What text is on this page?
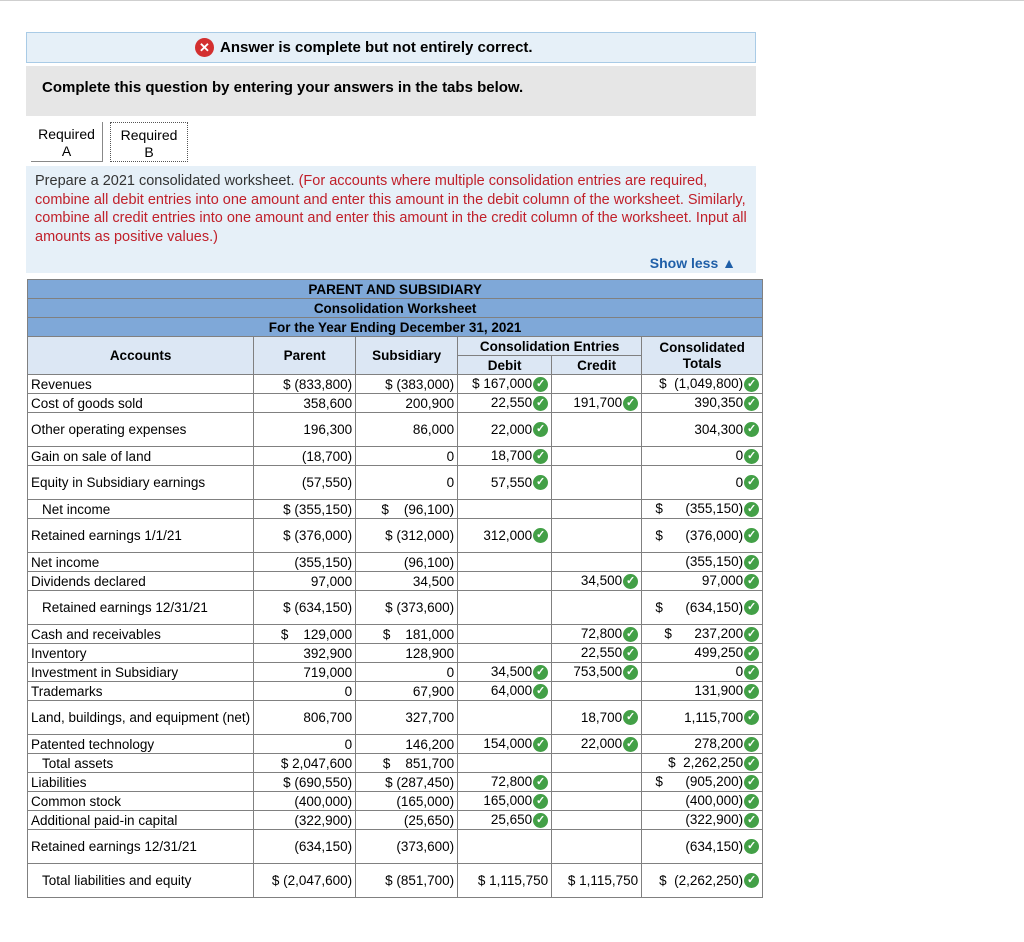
✕ Answer is complete but not entirely correct.
Complete this question by entering your answers in the tabs below.
Required
A
Required
B
Prepare a 2021 consolidated worksheet. (For accounts where multiple consolidation entries are required, combine all debit entries into one amount and enter this amount in the debit column of the worksheet. Similarly, combine all credit entries into one amount and enter this amount in the credit column of the worksheet. Input all amounts as positive values.)
Show less ▲
PARENT AND SUBSIDIARY					
Consolidation Worksheet					
For the Year Ending December 31, 2021					
Accounts	Parent	Subsidiary	Consolidation Entries		Consolidated Totals
			Debit	Credit	
Revenues	$ (833,800)	$ (383,000)	$ 167,000 ✓		$  (1,049,800) ✓
Cost of goods sold	358,600	200,900	22,550 ✓	191,700 ✓	390,350 ✓
Other operating expenses	196,300	86,000	22,000 ✓		304,300 ✓
Gain on sale of land	(18,700)	0	18,700 ✓		0 ✓
Equity in Subsidiary earnings	(57,550)	0	57,550 ✓		0 ✓
Net income	$ (355,150)	$    (96,100)			$      (355,150) ✓
Retained earnings 1/1/21	$ (376,000)	$ (312,000)	312,000 ✓		$      (376,000) ✓
Net income	(355,150)	(96,100)			(355,150) ✓
Dividends declared	97,000	34,500		34,500 ✓	97,000 ✓
Retained earnings 12/31/21	$ (634,150)	$ (373,600)			$      (634,150) ✓
Cash and receivables	$    129,000	$    181,000		72,800 ✓	$      237,200 ✓
Inventory	392,900	128,900		22,550 ✓	499,250 ✓
Investment in Subsidiary	719,000	0	34,500 ✓	753,500 ✓	0 ✓
Trademarks	0	67,900	64,000 ✓		131,900 ✓
Land, buildings, and equipment (net)	806,700	327,700		18,700 ✓	1,115,700 ✓
Patented technology	0	146,200	154,000 ✓	22,000 ✓	278,200 ✓
Total assets	$ 2,047,600	$    851,700			$  2,262,250 ✓
Liabilities	$ (690,550)	$ (287,450)	72,800 ✓		$      (905,200) ✓
Common stock	(400,000)	(165,000)	165,000 ✓		(400,000) ✓
Additional paid-in capital	(322,900)	(25,650)	25,650 ✓		(322,900) ✓
Retained earnings 12/31/21	(634,150)	(373,600)			(634,150) ✓
Total liabilities and equity	$ (2,047,600)	$ (851,700)	$ 1,115,750	$ 1,115,750	$  (2,262,250) ✓
